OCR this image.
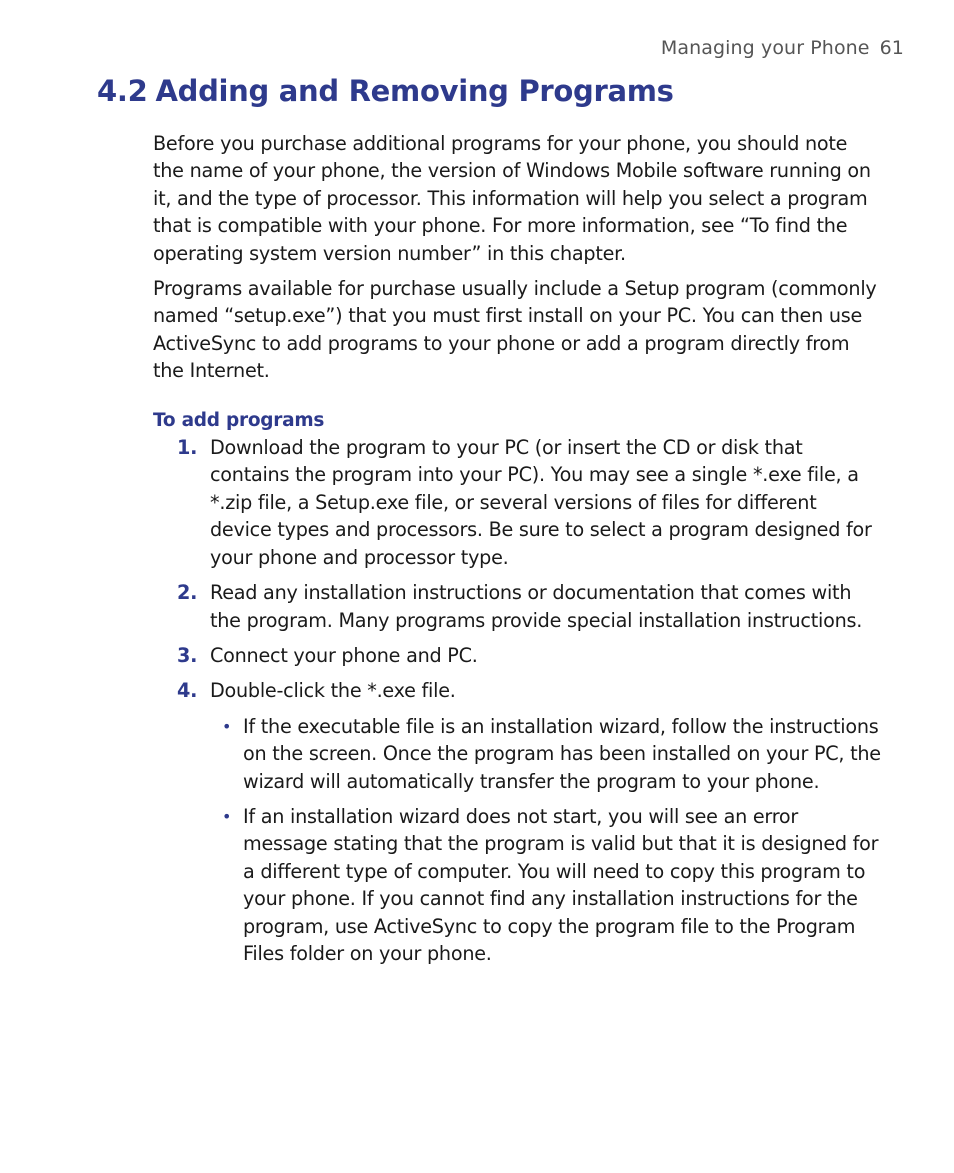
Managing your Phone 61
4.2 Adding and Removing Programs

Before you purchase additional programs for your phone, you should note the name of your phone, the version of Windows Mobile software running on it, and the type of processor. This information will help you select a program that is compatible with your phone. For more information, see “To find the operating system version number” in this chapter.

Programs available for purchase usually include a Setup program (commonly named “setup.exe”) that you must first install on your PC. You can then use ActiveSync to add programs to your phone or add a program directly from the Internet.

To add programs
1. Download the program to your PC (or insert the CD or disk that contains the program into your PC). You may see a single *.exe file, a *.zip file, a Setup.exe file, or several versions of files for different device types and processors. Be sure to select a program designed for your phone and processor type.
2. Read any installation instructions or documentation that comes with the program. Many programs provide special installation instructions.
3. Connect your phone and PC.
4. Double-click the *.exe file.
• If the executable file is an installation wizard, follow the instructions on the screen. Once the program has been installed on your PC, the wizard will automatically transfer the program to your phone.
• If an installation wizard does not start, you will see an error message stating that the program is valid but that it is designed for a different type of computer. You will need to copy this program to your phone. If you cannot find any installation instructions for the program, use ActiveSync to copy the program file to the Program Files folder on your phone.
